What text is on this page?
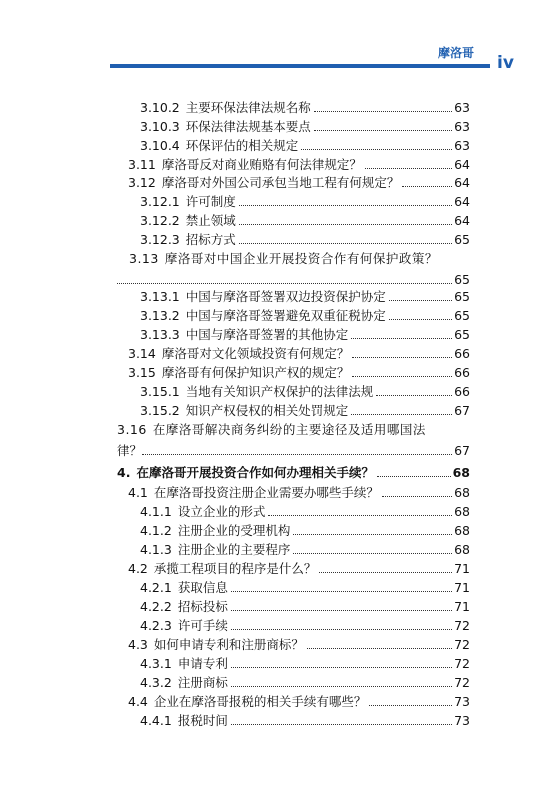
摩洛哥 iv
3.10.2 主要环保法律法规名称	63
3.10.3 环保法律法规基本要点	63
3.10.4 环保评估的相关规定	63
3.11 摩洛哥反对商业贿赂有何法律规定？	64
3.12 摩洛哥对外国公司承包当地工程有何规定？	64
3.12.1 许可制度	64
3.12.2 禁止领域	64
3.12.3 招标方式	65
3.13 摩洛哥对中国企业开展投资合作有何保护政策？
65
3.13.1 中国与摩洛哥签署双边投资保护协定	65
3.13.2 中国与摩洛哥签署避免双重征税协定	65
3.13.3 中国与摩洛哥签署的其他协定	65
3.14 摩洛哥对文化领域投资有何规定？	66
3.15 摩洛哥有何保护知识产权的规定？	66
3.15.1 当地有关知识产权保护的法律法规	66
3.15.2 知识产权侵权的相关处罚规定	67
3.16 在摩洛哥解决商务纠纷的主要途径及适用哪国法
律？	67
4. 在摩洛哥开展投资合作如何办理相关手续？	68
4.1 在摩洛哥投资注册企业需要办哪些手续？	68
4.1.1 设立企业的形式	68
4.1.2 注册企业的受理机构	68
4.1.3 注册企业的主要程序	68
4.2 承揽工程项目的程序是什么？	71
4.2.1 获取信息	71
4.2.2 招标投标	71
4.2.3 许可手续	72
4.3 如何申请专利和注册商标？	72
4.3.1 申请专利	72
4.3.2 注册商标	72
4.4 企业在摩洛哥报税的相关手续有哪些？	73
4.4.1 报税时间	73
